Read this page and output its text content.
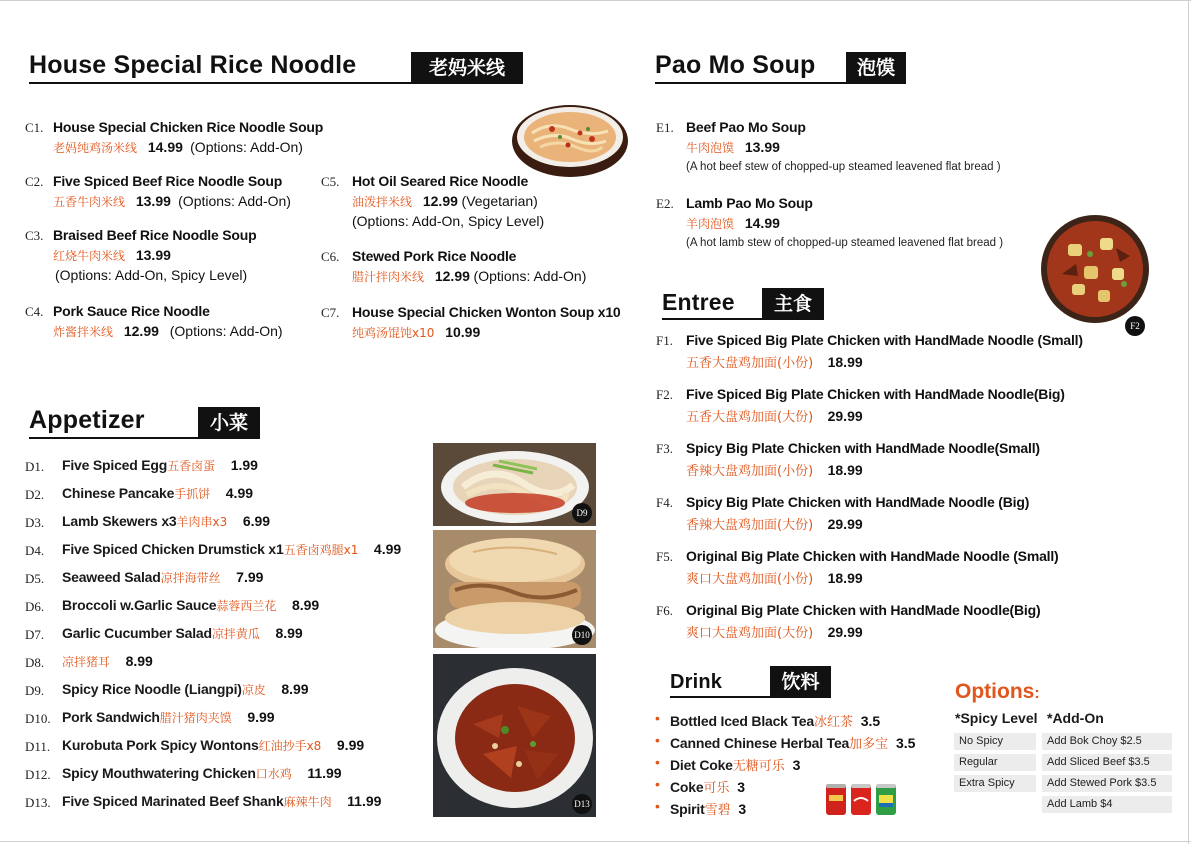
House Special Rice Noodle	老妈米线
C1. House Special Chicken Rice Noodle Soup
老妈纯鸡汤米线 14.99 (Options: Add-On)
C2. Five Spiced Beef Rice Noodle Soup
五香牛肉米线 13.99 (Options: Add-On)
C3. Braised Beef Rice Noodle Soup
红烧牛肉米线 13.99
(Options: Add-On, Spicy Level)
C4. Pork Sauce Rice Noodle
炸酱拌米线 12.99 (Options: Add-On)
C5. Hot Oil Seared Rice Noodle
油泼拌米线 12.99 (Vegetarian)
(Options: Add-On, Spicy Level)
C6. Stewed Pork Rice Noodle
腊汁拌肉米线 12.99 (Options: Add-On)
C7. House Special Chicken Wonton Soup x10
纯鸡汤馄饨x10 10.99
Appetizer	小菜
D1. Five Spiced Egg五香卤蛋 1.99
D2. Chinese Pancake手抓饼 4.99
D3. Lamb Skewers x3羊肉串x3 6.99
D4. Five Spiced Chicken Drumstick x1五香卤鸡腿x1 4.99
D5. Seaweed Salad凉拌海带丝 7.99
D6. Broccoli w.Garlic Sauce蒜蓉西兰花 8.99
D7. Garlic Cucumber Salad凉拌黄瓜 8.99
D8. 凉拌猪耳 8.99
D9. Spicy Rice Noodle (Liangpi)凉皮 8.99
D10. Pork Sandwich腊汁猪肉夹馍 9.99
D11. Kurobuta Pork Spicy Wontons红油抄手x8 9.99
D12. Spicy Mouthwatering Chicken口水鸡 11.99
D13. Five Spiced Marinated Beef Shank麻辣牛肉 11.99
D9
D10
D13
Pao Mo Soup	泡馍
E1. Beef Pao Mo Soup
牛肉泡馍 13.99
(A hot beef stew of chopped-up steamed leavened flat bread )
E2. Lamb Pao Mo Soup
羊肉泡馍 14.99
(A hot lamb stew of chopped-up steamed leavened flat bread )
F2
Entree	主食
F1. Five Spiced Big Plate Chicken with HandMade Noodle (Small)
五香大盘鸡加面(小份) 18.99
F2. Five Spiced Big Plate Chicken with HandMade Noodle(Big)
五香大盘鸡加面(大份) 29.99
F3. Spicy Big Plate Chicken with HandMade Noodle(Small)
香辣大盘鸡加面(小份) 18.99
F4. Spicy Big Plate Chicken with HandMade Noodle (Big)
香辣大盘鸡加面(大份) 29.99
F5. Original Big Plate Chicken with HandMade Noodle (Small)
爽口大盘鸡加面(小份) 18.99
F6. Original Big Plate Chicken with HandMade Noodle(Big)
爽口大盘鸡加面(大份) 29.99
Drink	饮料
• Bottled Iced Black Tea冰红茶 3.5
• Canned Chinese Herbal Tea加多宝 3.5
• Diet Coke无糖可乐 3
• Coke可乐 3
• Spirit雪碧 3
Options:
*Spicy Level *Add-On
No Spicy
Regular
Extra Spicy
Add Bok Choy $2.5
Add Sliced Beef $3.5
Add Stewed Pork $3.5
Add Lamb $4
